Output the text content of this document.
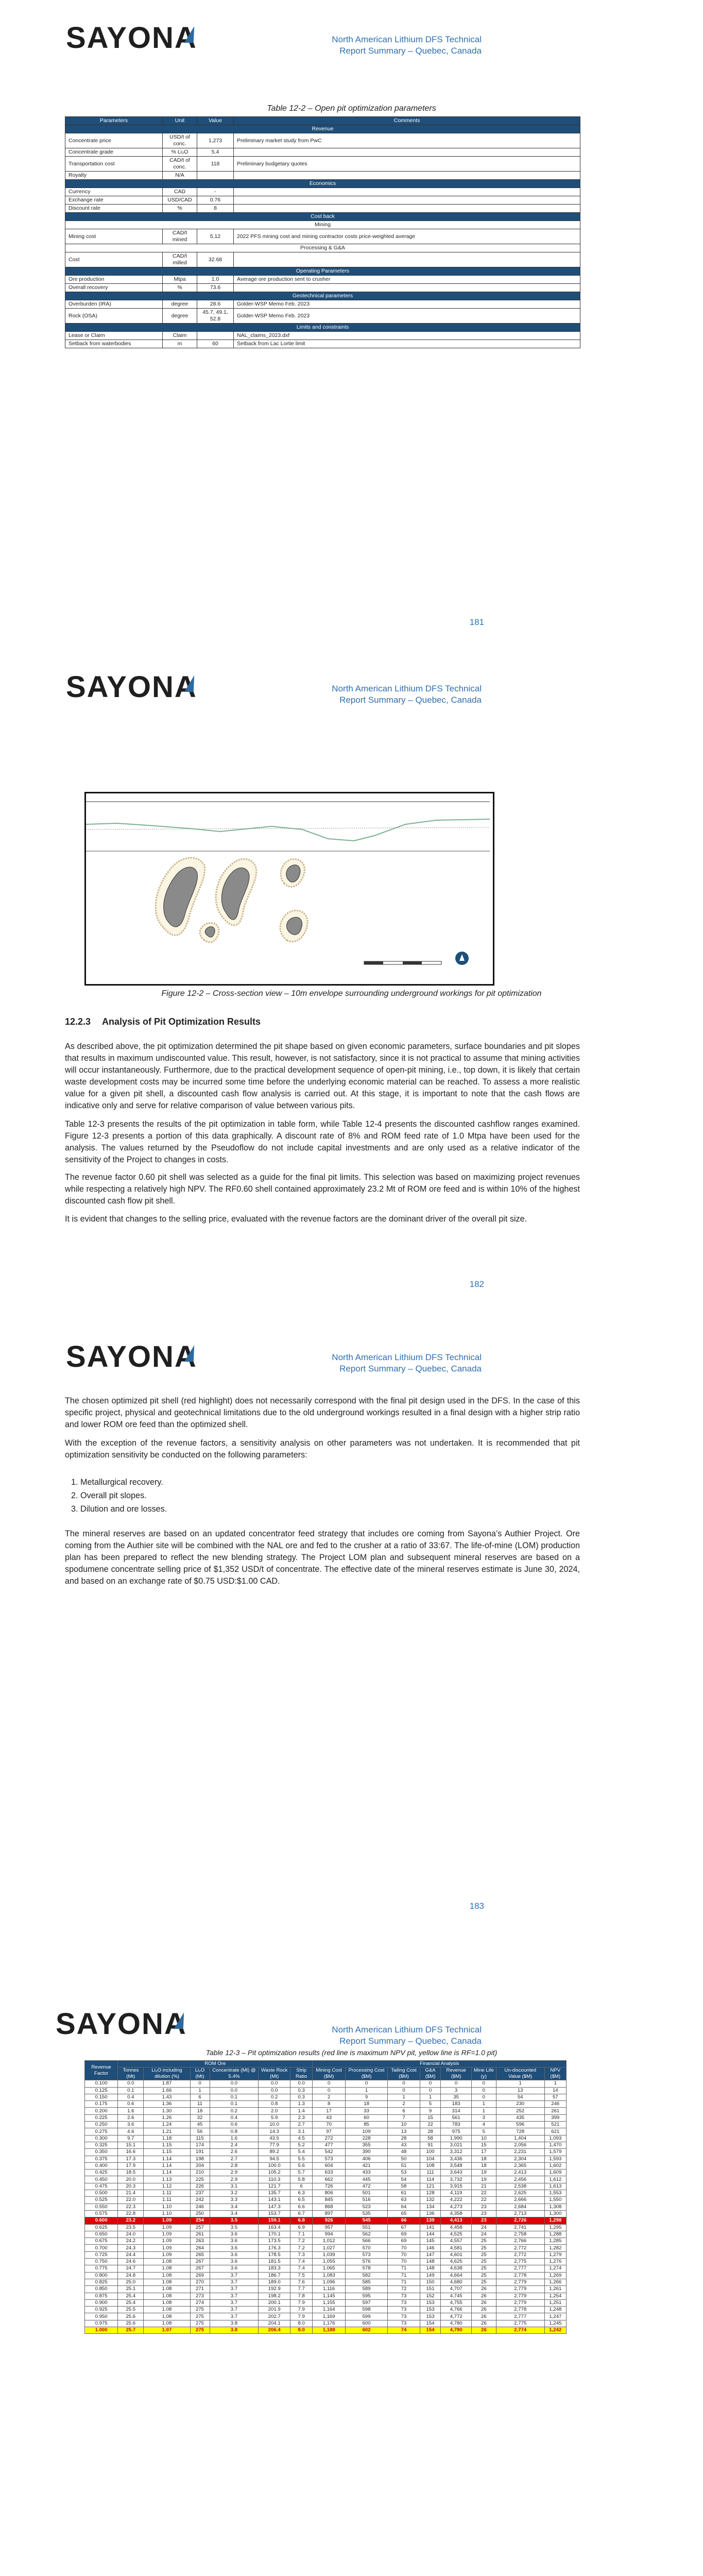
SAYONA	North American Lithium DFS Technical
Report Summary – Quebec, Canada
Table 12-2 – Open pit optimization parameters
Parameters	Unit	Value	Comments
Revenue			
Concentrate price	USD/t of conc.	1,273	Preliminary market study from PwC
Concentrate grade	% Li₂O	5.4	
Transportation cost	CAD/t of conc.	118	Preliminary budgetary quotes
Royalty	N/A		
Economics			
Currency	CAD	-	
Exchange rate	USD/CAD	0.76	
Discount rate	%	8	
Cost back			
Mining			
Mining cost	CAD/t mined	5.12	2022 PFS mining cost and mining contractor costs price-weighted average
Processing & G&A			
Cost	CAD/t milled	32.68	
Operating Parameters			
Ore production	Mtpa	1.0	Average ore production sent to crusher
Overall recovery	%	73.6	
Geotechnical parameters			
Overburden (IRA)	degree	28.6	Golder-WSP Memo Feb. 2023
Rock (OSA)	degree	45.7, 49.1, 52.8	Golder-WSP Memo Feb. 2023
Limits and constraints			
Lease or Claim	Claim		NAL_claims_2023.dxf
Setback from waterbodies	m	60	Setback from Lac Lortie limit
181
SAYONA	North American Lithium DFS Technical
Report Summary – Quebec, Canada
Figure 12-2 – Cross-section view – 10m envelope surrounding underground workings for pit optimization
12.2.3 Analysis of Pit Optimization Results

As described above, the pit optimization determined the pit shape based on given economic parameters, surface boundaries and pit slopes that results in maximum undiscounted value. This result, however, is not satisfactory, since it is not practical to assume that mining activities will occur instantaneously. Furthermore, due to the practical development sequence of open-pit mining, i.e., top down, it is likely that certain waste development costs may be incurred some time before the underlying economic material can be reached. To assess a more realistic value for a given pit shell, a discounted cash flow analysis is carried out. At this stage, it is important to note that the cash flows are indicative only and serve for relative comparison of value between various pits.

Table 12-3 presents the results of the pit optimization in table form, while Table 12-4 presents the discounted cashflow ranges examined. Figure 12-3 presents a portion of this data graphically. A discount rate of 8% and ROM feed rate of 1.0 Mtpa have been used for the analysis. The values returned by the Pseudoflow do not include capital investments and are only used as a relative indicator of the sensitivity of the Project to changes in costs.

The revenue factor 0.60 pit shell was selected as a guide for the final pit limits. This selection was based on maximizing project revenues while respecting a relatively high NPV. The RF0.60 shell contained approximately 23.2 Mt of ROM ore feed and is within 10% of the highest discounted cash flow pit shell.

It is evident that changes to the selling price, evaluated with the revenue factors are the dominant driver of the overall pit size.

182
SAYONA	North American Lithium DFS Technical
Report Summary – Quebec, Canada

The chosen optimized pit shell (red highlight) does not necessarily correspond with the final pit design used in the DFS. In the case of this specific project, physical and geotechnical limitations due to the old underground workings resulted in a final design with a higher strip ratio and lower ROM ore feed than the optimized shell.

With the exception of the revenue factors, a sensitivity analysis on other parameters was not undertaken. It is recommended that pit optimization sensitivity be conducted on the following parameters:

1. Metallurgical recovery.
2. Overall pit slopes.
3. Dilution and ore losses.

The mineral reserves are based on an updated concentrator feed strategy that includes ore coming from Sayona’s Authier Project. Ore coming from the Authier site will be combined with the NAL ore and fed to the crusher at a ratio of 33:67. The life-of-mine (LOM) production plan has been prepared to reflect the new blending strategy. The Project LOM plan and subsequent mineral reserves are based on a spodumene concentrate selling price of $1,352 USD/t of concentrate. The effective date of the mineral reserves estimate is June 30, 2024, and based on an exchange rate of $0.75 USD:$1.00 CAD.

183
SAYONA	North American Lithium DFS Technical
Report Summary – Quebec, Canada
Table 12-3 – Pit optimization results (red line is maximum NPV pit, yellow line is RF=1.0 pit)
Revenue Factor	ROM Ore						Financial Analysis							
	Tonnes (Mt)	Li₂O including dilution (%)	Li₂O (Mt)	Concentrate (Mt) @ 5.4%	Waste Rock (Mt)	Strip Ratio	Mining Cost ($M)	Processing Cost ($M)	Tailing Cost ($M)	G&A ($M)	Revenue ($M)	Mine Life (y)	Un-discounted Value ($M)	NPV ($M)
0.100	0.0	1.87	0	0.0	0.0	0.0	0	0	0	0	0	0	1	1
0.125	0.1	1.66	1	0.0	0.0	0.3	0	1	0	0	3	0	13	14
0.150	0.4	1.43	6	0.1	0.2	0.3	2	9	1	1	35	0	54	57
0.175	0.6	1.36	11	0.1	0.8	1.3	8	18	2	5	183	1	230	246
0.200	1.6	1.30	18	0.2	2.0	1.4	17	33	6	9	314	1	252	261
0.225	2.6	1.26	32	0.4	5.9	2.3	43	60	7	15	561	3	435	399
0.250	3.6	1.24	45	0.6	10.0	2.7	70	85	10	22	783	4	596	521
0.275	4.6	1.21	56	0.8	14.3	3.1	97	109	13	28	975	5	728	621
0.300	9.7	1.18	115	1.6	43.5	4.5	272	228	28	58	1,990	10	1,404	1,093
0.325	15.1	1.15	174	2.4	77.9	5.2	477	355	43	91	3,021	15	2,056	1,470
0.350	16.6	1.15	191	2.6	89.2	5.4	542	390	48	100	3,312	17	2,231	1,579
0.375	17.3	1.14	198	2.7	94.5	5.5	573	406	50	104	3,436	18	2,304	1,593
0.400	17.9	1.14	204	2.8	100.0	5.6	604	421	51	108	3,548	18	2,365	1,602
0.425	18.5	1.14	210	2.9	105.2	5.7	633	433	53	111	3,643	19	2,413	1,609
0.450	20.0	1.13	225	2.9	110.3	5.8	662	445	54	114	3,732	19	2,456	1,612
0.475	20.3	1.12	226	3.1	121.7	6	726	472	58	121	3,915	21	2,538	1,613
0.500	21.4	1.11	237	3.2	135.7	6.3	806	501	61	128	4,119	22	2,625	1,553
0.525	22.0	1.11	242	3.3	143.1	6.5	845	516	63	132	4,222	22	2,666	1,550
0.550	22.3	1.10	246	3.4	147.3	6.6	868	523	64	134	4,273	23	2,684	1,308
0.575	22.8	1.10	250	3.4	153.7	6.7	897	535	65	136	4,358	23	2,713	1,300
0.600	23.2	1.09	254	3.5	159.1	6.8	926	545	66	139	4,413	23	2,726	1,298
0.625	23.5	1.09	257	3.5	163.4	6.9	957	551	67	141	4,458	24	2,741	1,295
0.650	24.0	1.09	261	3.6	170.1	7.1	994	562	69	144	4,525	24	2,758	1,288
0.675	24.2	1.09	263	3.6	173.5	7.2	1,012	566	69	145	4,557	25	2,766	1,285
0.700	24.3	1.09	264	3.6	176.3	7.2	1,027	570	70	146	4,581	25	2,772	1,282
0.725	24.4	1.09	265	3.6	178.5	7.3	1,039	573	70	147	4,601	25	2,772	1,279
0.750	24.6	1.08	267	3.6	181.5	7.4	1,055	576	70	148	4,625	25	2,775	1,276
0.775	24.7	1.08	267	3.6	183.3	7.4	1,065	578	71	148	4,638	25	2,777	1,274
0.800	24.8	1.08	269	3.7	186.7	7.5	1,083	582	71	149	4,664	25	2,778	1,269
0.825	25.0	1.08	270	3.7	189.0	7.6	1,096	585	71	150	4,680	25	2,779	1,266
0.850	25.1	1.08	271	3.7	192.9	7.7	1,116	589	72	151	4,707	26	2,779	1,261
0.875	25.4	1.08	273	3.7	198.2	7.8	1,145	595	73	152	4,745	26	2,779	1,254
0.900	25.4	1.08	274	3.7	200.1	7.9	1,155	597	73	153	4,755	26	2,779	1,251
0.925	25.5	1.08	275	3.7	201.9	7.9	1,164	598	73	153	4,766	26	2,778	1,248
0.950	25.6	1.08	275	3.7	202.7	7.9	1,169	599	73	153	4,772	26	2,777	1,247
0.975	25.6	1.08	275	3.8	204.1	8.0	1,176	600	73	154	4,780	26	2,775	1,245
1.000	25.7	1.07	275	3.8	206.4	8.0	1,188	602	74	154	4,790	26	2,774	1,242
